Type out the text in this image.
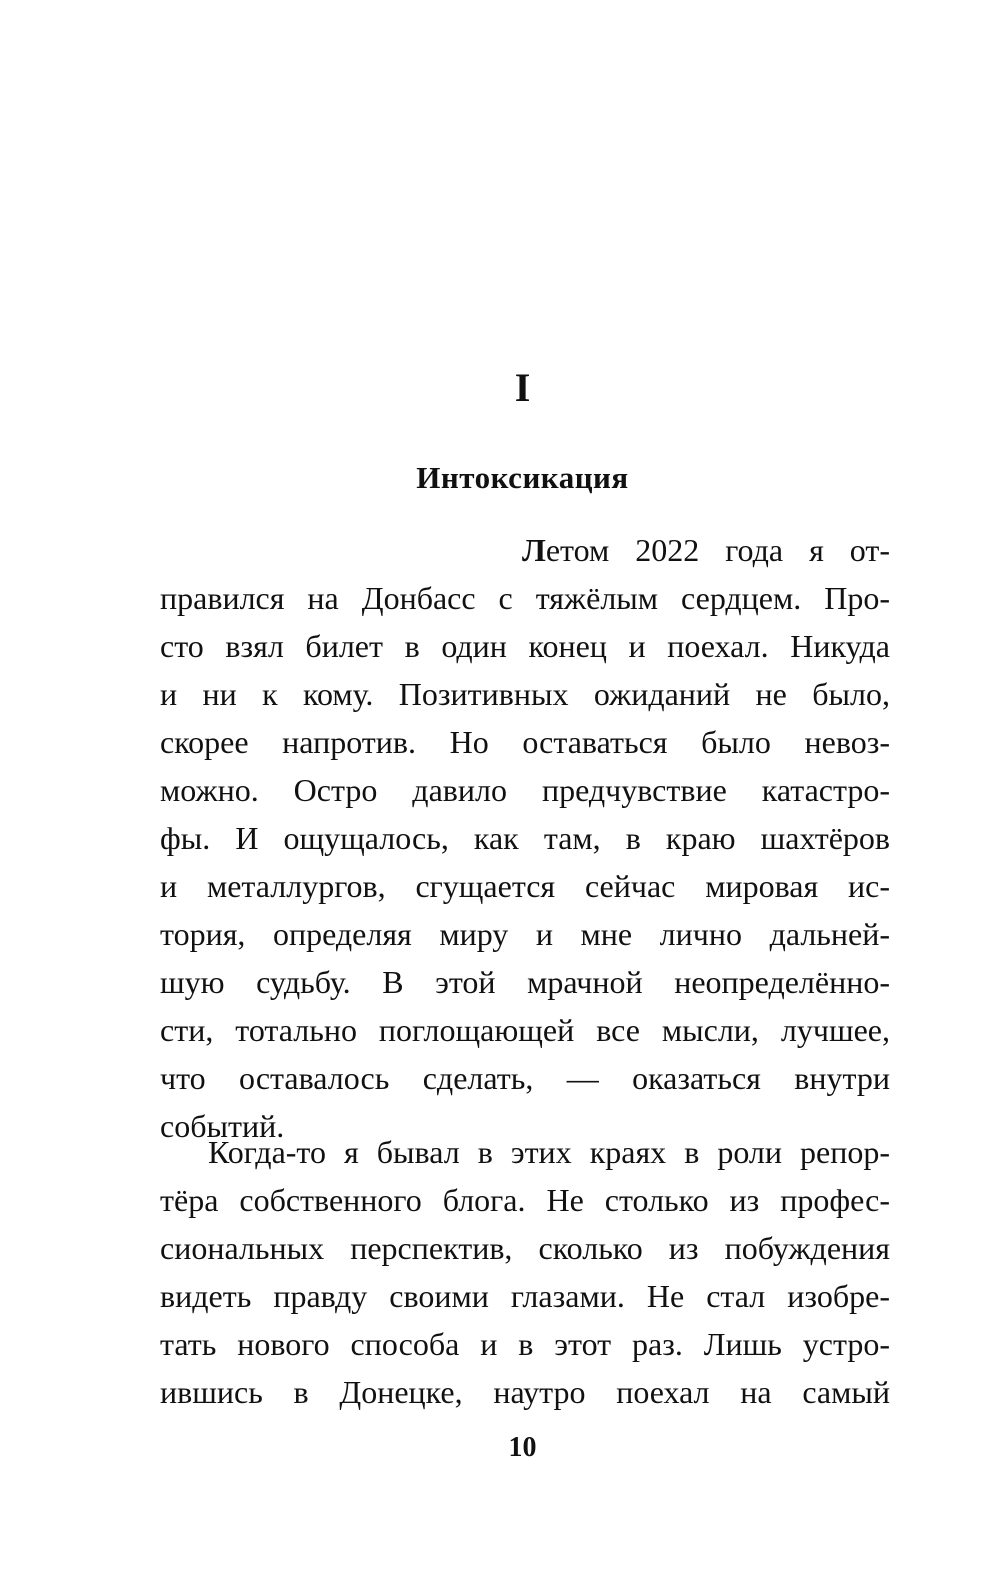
I
Интоксикация
Летом 2022 года я от-
правился на Донбасс с тяжёлым сердцем. Про-
сто взял билет в один конец и поехал. Никуда
и ни к кому. Позитивных ожиданий не было,
скорее напротив. Но оставаться было невоз-
можно. Остро давило предчувствие катастро-
фы. И ощущалось, как там, в краю шахтёров
и металлургов, сгущается сейчас мировая ис-
тория, определяя миру и мне лично дальней-
шую судьбу. В этой мрачной неопределённо-
сти, тотально поглощающей все мысли, лучшее,
что оставалось сделать, — оказаться внутри
событий.
Когда-то я бывал в этих краях в роли репор-
тёра собственного блога. Не столько из профес-
сиональных перспектив, сколько из побуждения
видеть правду своими глазами. Не стал изобре-
тать нового способа и в этот раз. Лишь устро-
ившись в Донецке, наутро поехал на самый
10
